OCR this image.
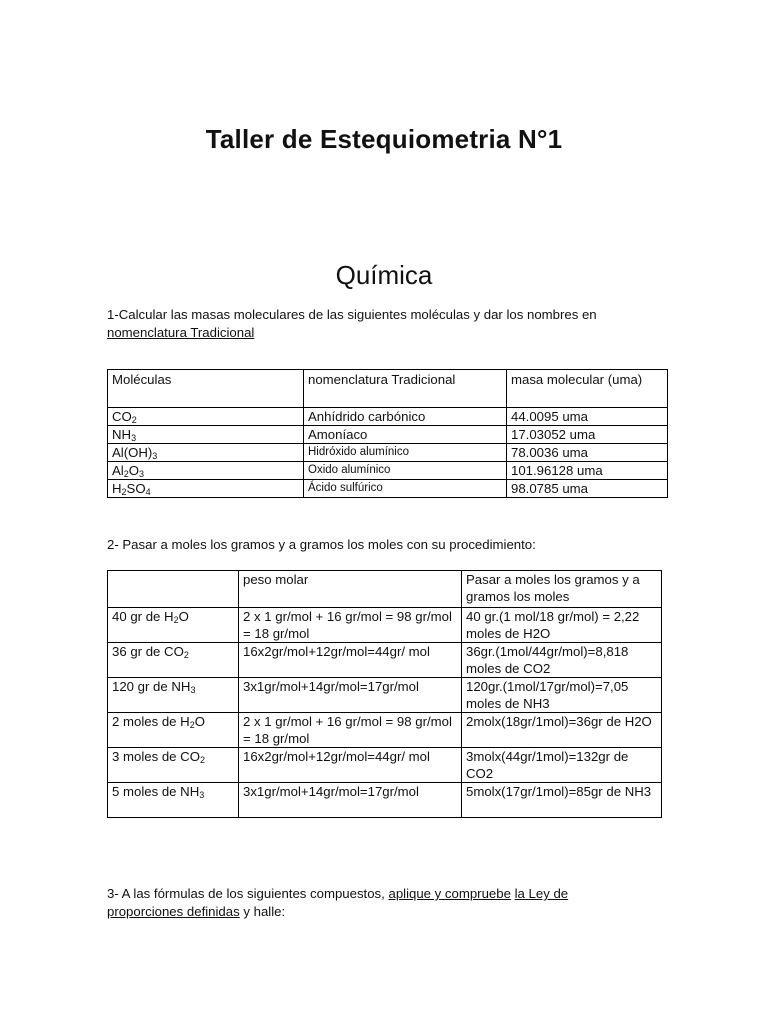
Taller de Estequiometria N°1
Química
1-Calcular las masas moleculares de las siguientes moléculas y dar los nombres en
nomenclatura Tradicional
Moléculas	nomenclatura Tradicional	masa molecular (uma)
$CO_2$	Anhídrido carbónico	44.0095 uma
$NH_3$	Amoníaco	17.03052 uma
$Al(OH)_3$	Hidróxido alumínico	78.0036 uma
$Al_2O_3$	Oxido alumínico	101.96128 uma
$H_2SO_4$	Ácido sulfúrico	98.0785 uma
2- Pasar a moles los gramos y a gramos los moles con su procedimiento:
	peso molar	Pasar a moles los gramos y a gramos los moles
40 gr de $H_2O$	2 x 1 gr/mol + 16 gr/mol = 98 gr/mol = 18 gr/mol	40 gr.(1 mol/18 gr/mol) = 2,22 moles de H2O
36 gr de $CO_2$	16x2gr/mol+12gr/mol=44gr/ mol	36gr.(1mol/44gr/mol)=8,818 moles de CO2
120 gr de $NH_3$	3x1gr/mol+14gr/mol=17gr/mol	120gr.(1mol/17gr/mol)=7,05 moles de NH3
2 moles de $H_2O$	2 x 1 gr/mol + 16 gr/mol = 98 gr/mol = 18 gr/mol	2molx(18gr/1mol)=36gr de H2O
3 moles de $CO_2$	16x2gr/mol+12gr/mol=44gr/ mol	3molx(44gr/1mol)=132gr de CO2
5 moles de $NH_3$	3x1gr/mol+14gr/mol=17gr/mol	5molx(17gr/1mol)=85gr de NH3
3- A las fórmulas de los siguientes compuestos, aplique y compruebe la Ley de
proporciones definidas y halle:
